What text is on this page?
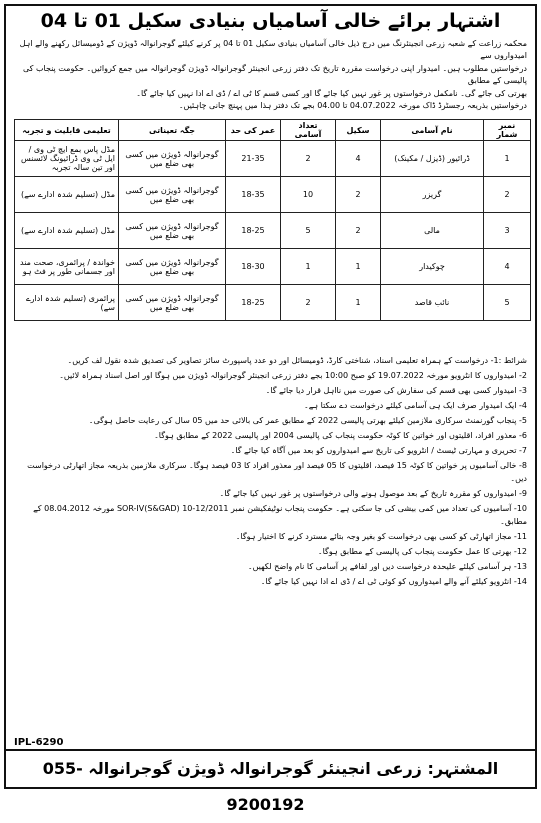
اشتہار برائے خالی آسامیاں بنیادی سکیل 01 تا 04

محکمہ زراعت کے شعبہ زرعی انجینئرنگ میں درج ذیل خالی آسامیاں بنیادی سکیل 01 تا 04 پر کرنے کیلئے گوجرانوالہ ڈویژن کے ڈومیسائل رکھنے والے اہل امیدواروں سے

درخواستیں مطلوب ہیں۔ امیدوار اپنی درخواست مقررہ تاریخ تک دفتر زرعی انجینئر گوجرانوالہ ڈویژن گوجرانوالہ میں جمع کروائیں۔ حکومت پنجاب کی پالیسی کے مطابق

بھرتی کی جائے گی۔ نامکمل درخواستوں پر غور نہیں کیا جائے گا اور کسی قسم کا ٹی اے / ڈی اے ادا نہیں کیا جائے گا۔

درخواستیں بذریعہ رجسٹرڈ ڈاک مورخہ 04.07.2022 تا 04.00 بجے تک دفتر ہذا میں پہنچ جانی چاہئیں۔

نمبر شمار	نام آسامی	سکیل	تعداد آسامی	عمر کی حد	جگہ تعیناتی	تعلیمی قابلیت و تجربہ
1	ڈرائیور (ڈیزل / مکینک)	4	2	21-35	گوجرانوالہ ڈویژن میں کسی بھی ضلع میں	مڈل پاس بمع ایچ ٹی وی / ایل ٹی وی ڈرائیونگ لائسنس اور تین سالہ تجربہ
2	گریزر	2	10	18-35	گوجرانوالہ ڈویژن میں کسی بھی ضلع میں	مڈل (تسلیم شدہ ادارے سے)
3	مالی	2	5	18-25	گوجرانوالہ ڈویژن میں کسی بھی ضلع میں	مڈل (تسلیم شدہ ادارے سے)
4	چوکیدار	1	1	18-30	گوجرانوالہ ڈویژن میں کسی بھی ضلع میں	خواندہ / پرائمری، صحت مند اور جسمانی طور پر فٹ ہو
5	نائب قاصد	1	2	18-25	گوجرانوالہ ڈویژن میں کسی بھی ضلع میں	پرائمری (تسلیم شدہ ادارے سے)

شرائط :1- درخواست کے ہمراہ تعلیمی اسناد، شناختی کارڈ، ڈومیسائل اور دو عدد پاسپورٹ سائز تصاویر کی تصدیق شدہ نقول لف کریں۔

2- امیدواروں کا انٹرویو مورخہ 19.07.2022 کو صبح 10:00 بجے دفتر زرعی انجینئر گوجرانوالہ ڈویژن میں ہوگا اور اصل اسناد ہمراہ لائیں۔

3- امیدوار کسی بھی قسم کی سفارش کی صورت میں نااہل قرار دیا جائے گا۔

4- ایک امیدوار صرف ایک ہی آسامی کیلئے درخواست دے سکتا ہے۔

5- پنجاب گورنمنٹ سرکاری ملازمین کیلئے بھرتی پالیسی 2022 کے مطابق عمر کی بالائی حد میں 05 سال کی رعایت حاصل ہوگی۔

6- معذور افراد، اقلیتوں اور خواتین کا کوٹہ حکومت پنجاب کی پالیسی 2004 اور پالیسی 2022 کے مطابق ہوگا۔

7- تحریری و مہارتی ٹیسٹ / انٹرویو کی تاریخ سے امیدواروں کو بعد میں آگاہ کیا جائے گا۔

8- خالی آسامیوں پر خواتین کا کوٹہ 15 فیصد، اقلیتوں کا 05 فیصد اور معذور افراد کا 03 فیصد ہوگا۔ سرکاری ملازمین بذریعہ مجاز اتھارٹی درخواست دیں۔

9- امیدواروں کو مقررہ تاریخ کے بعد موصول ہونے والی درخواستوں پر غور نہیں کیا جائے گا۔

10- آسامیوں کی تعداد میں کمی بیشی کی جا سکتی ہے۔ حکومت پنجاب نوٹیفکیشن نمبر SOR-IV(S&GAD) 10-12/2011 مورخہ 08.04.2012 کے مطابق۔

11- مجاز اتھارٹی کو کسی بھی درخواست کو بغیر وجہ بتائے مسترد کرنے کا اختیار ہوگا۔

12- بھرتی کا عمل حکومت پنجاب کی پالیسی کے مطابق ہوگا۔

13- ہر آسامی کیلئے علیحدہ درخواست دیں اور لفافے پر آسامی کا نام واضح لکھیں۔

14- انٹرویو کیلئے آنے والے امیدواروں کو کوئی ٹی اے / ڈی اے ادا نہیں کیا جائے گا۔

IPL-6290
المشتہر: زرعی انجینئر گوجرانوالہ ڈویژن گوجرانوالہ 055-9200192
